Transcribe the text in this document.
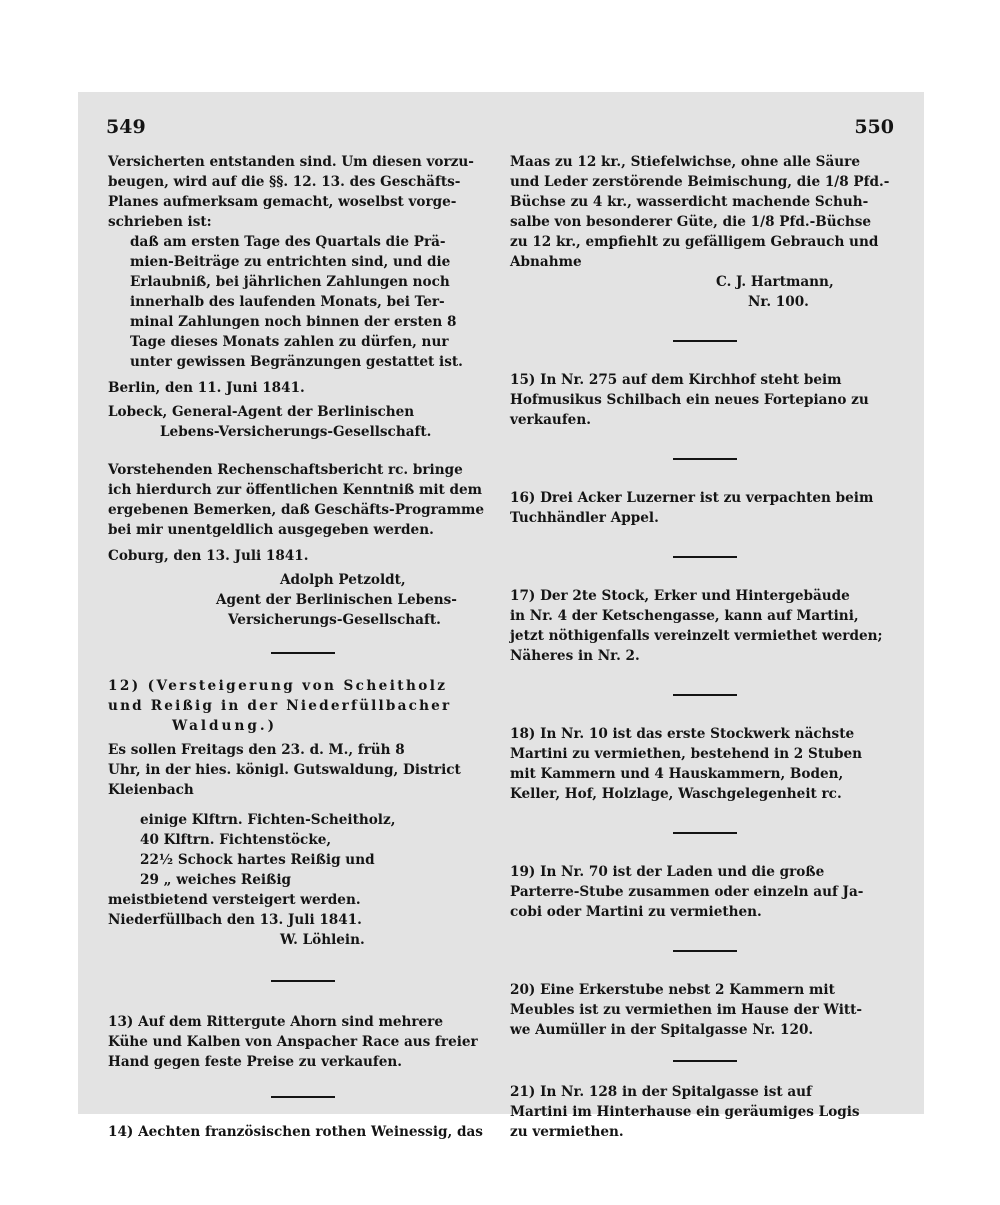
549	550

Versicherten entstanden sind. Um diesen vorzu-
beugen, wird auf die §§. 12. 13. des Geschäfts-
Planes aufmerksam gemacht, woselbst vorge-
schrieben ist:

daß am ersten Tage des Quartals die Prä-
mien-Beiträge zu entrichten sind, und die
Erlaubniß, bei jährlichen Zahlungen noch
innerhalb des laufenden Monats, bei Ter-
minal Zahlungen noch binnen der ersten 8
Tage dieses Monats zahlen zu dürfen, nur
unter gewissen Begränzungen gestattet ist.

Berlin, den 11. Juni 1841.

Lobeck, General-Agent der Berlinischen
Lebens-Versicherungs-Gesellschaft.

Vorstehenden Rechenschaftsbericht rc. bringe
ich hierdurch zur öffentlichen Kenntniß mit dem
ergebenen Bemerken, daß Geschäfts-Programme
bei mir unentgeldlich ausgegeben werden.

Coburg, den 13. Juli 1841.

Adolph Petzoldt,
Agent der Berlinischen Lebens-
Versicherungs-Gesellschaft.

12) (Versteigerung von Scheitholz
und Reißig in der Niederfüllbacher
Waldung.)

Es sollen Freitags den 23. d. M., früh 8
Uhr, in der hies. königl. Gutswaldung, District
Kleienbach

einige Klftrn. Fichten-Scheitholz,
40 Klftrn. Fichtenstöcke,
22½ Schock hartes Reißig und
29 „ weiches Reißig

meistbietend versteigert werden.

Niederfüllbach den 13. Juli 1841.

W. Löhlein.

13) Auf dem Rittergute Ahorn sind mehrere
Kühe und Kalben von Anspacher Race aus freier
Hand gegen feste Preise zu verkaufen.

14) Aechten französischen rothen Weinessig, das

Maas zu 12 kr., Stiefelwichse, ohne alle Säure
und Leder zerstörende Beimischung, die 1/8 Pfd.-
Büchse zu 4 kr., wasserdicht machende Schuh-
salbe von besonderer Güte, die 1/8 Pfd.-Büchse
zu 12 kr., empfiehlt zu gefälligem Gebrauch und
Abnahme

C. J. Hartmann,
Nr. 100.

15) In Nr. 275 auf dem Kirchhof steht beim
Hofmusikus Schilbach ein neues Fortepiano zu
verkaufen.

16) Drei Acker Luzerner ist zu verpachten beim
Tuchhändler Appel.

17) Der 2te Stock, Erker und Hintergebäude
in Nr. 4 der Ketschengasse, kann auf Martini,
jetzt nöthigenfalls vereinzelt vermiethet werden;
Näheres in Nr. 2.

18) In Nr. 10 ist das erste Stockwerk nächste
Martini zu vermiethen, bestehend in 2 Stuben
mit Kammern und 4 Hauskammern, Boden,
Keller, Hof, Holzlage, Waschgelegenheit rc.

19) In Nr. 70 ist der Laden und die große
Parterre-Stube zusammen oder einzeln auf Ja-
cobi oder Martini zu vermiethen.

20) Eine Erkerstube nebst 2 Kammern mit
Meubles ist zu vermiethen im Hause der Witt-
we Aumüller in der Spitalgasse Nr. 120.

21) In Nr. 128 in der Spitalgasse ist auf
Martini im Hinterhause ein geräumiges Logis
zu vermiethen.
